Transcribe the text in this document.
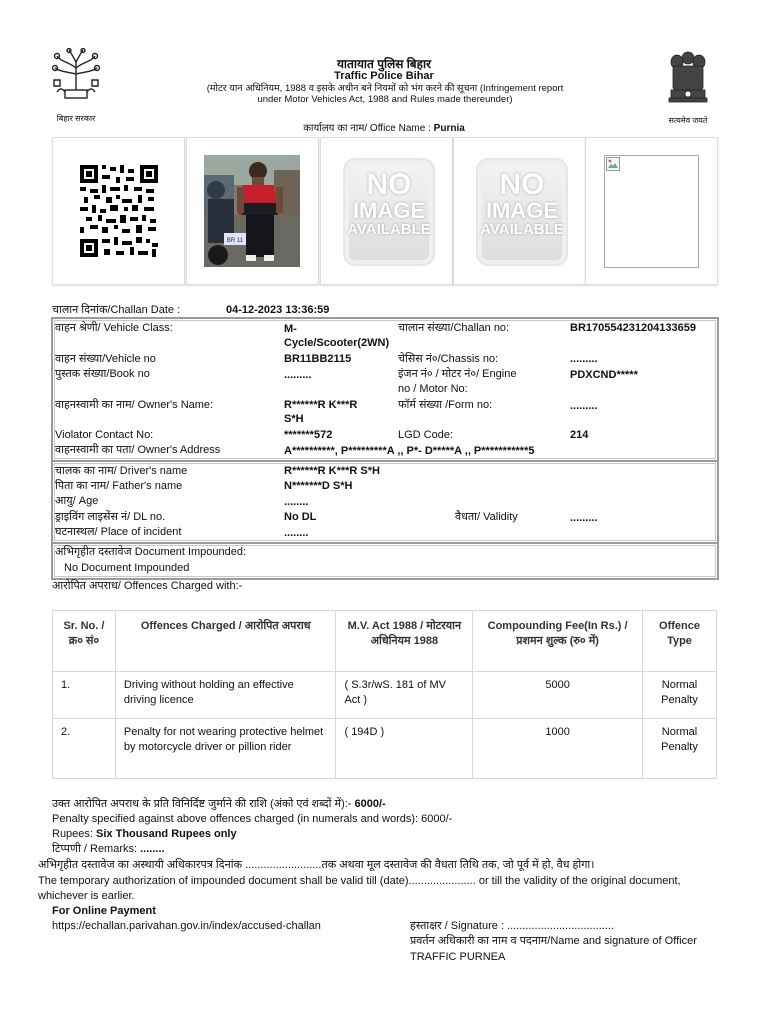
बिहार सरकार
यातायात पुलिस बिहार
Traffic Police Bihar
(मोटर यान अधिनियम, 1988 व इसके अधीन बने नियमों को भंग करने की सूचना (Infringement report
under Motor Vehicles Act, 1988 and Rules made thereunder)
सत्यमेव जयते
कार्यालय का नाम/ Office Name : Purnia
BR 11
NO
IMAGE
AVAILABLE
NO
IMAGE
AVAILABLE
चालान दिनांक/Challan Date :	04-12-2023 13:36:59
वाहन श्रेणी/ Vehicle Class:	M-
Cycle/Scooter(2WN)
चालान संख्या/Challan no:	BR170554231204133659
वाहन संख्या/Vehicle no	BR11BB2115	चेसिस नं०/Chassis no:	.........
पुस्तक संख्या/Book no	.........	इंजन नं० / मोटर नं०/ Engine
no / Motor No:
PDXCND*****
वाहनस्वामी का नाम/ Owner's Name:	R******R K***R
S*H
फॉर्म संख्या /Form no:	.........
Violator Contact No:	*******572	LGD Code:	214
वाहनस्वामी का पता/ Owner's Address	A**********, P*********A ,, P*- D*****A ,, P***********5
चालक का नाम/ Driver's name	R******R K***R S*H
पिता का नाम/ Father's name	N*******D S*H
आयु/ Age	........
ड्राइविंग लाइसेंस नं/ DL no.	No DL	वैधता/ Validity	.........
घटनास्थल/ Place of incident	........
अभिगृहीत दस्तावेज Document Impounded:
No Document Impounded
आरोपित अपराध/ Offences Charged with:-
Sr. No. / क्र० सं०	Offences Charged / आरोपित अपराध	M.V. Act 1988 / मोटरयान अधिनियम 1988	Compounding Fee(In Rs.) / प्रशमन शुल्क (रु० में)	Offence Type
1.	Driving without holding an effective driving licence	( S.3r/wS. 181 of MV Act )	5000	Normal Penalty
2.	Penalty for not wearing protective helmet by motorcycle driver or pillion rider	( 194D )	1000	Normal Penalty
उक्त आरोपित अपराध के प्रति विनिर्दिष्ट जुर्माने की राशि (अंको एवं शब्दों में):- 6000/-
Penalty specified against above offences charged (in numerals and words): 6000/-
Rupees: Six Thousand Rupees only
टिप्पणी / Remarks: ........
अभिगृहीत दस्तावेज का अस्थायी अधिकारपत्र दिनांक .........................तक अथवा मूल दस्तावेज की वैधता तिथि तक, जो पूर्व में हो, वैध होगा।
The temporary authorization of impounded document shall be valid till (date)...................... or till the validity of the original document,
whichever is earlier.
For Online Payment
https://echallan.parivahan.gov.in/index/accused-challan	हस्ताक्षर / Signature : ...................................
प्रवर्तन अधिकारी का नाम व पदनाम/Name and signature of Officer
TRAFFIC PURNEA
